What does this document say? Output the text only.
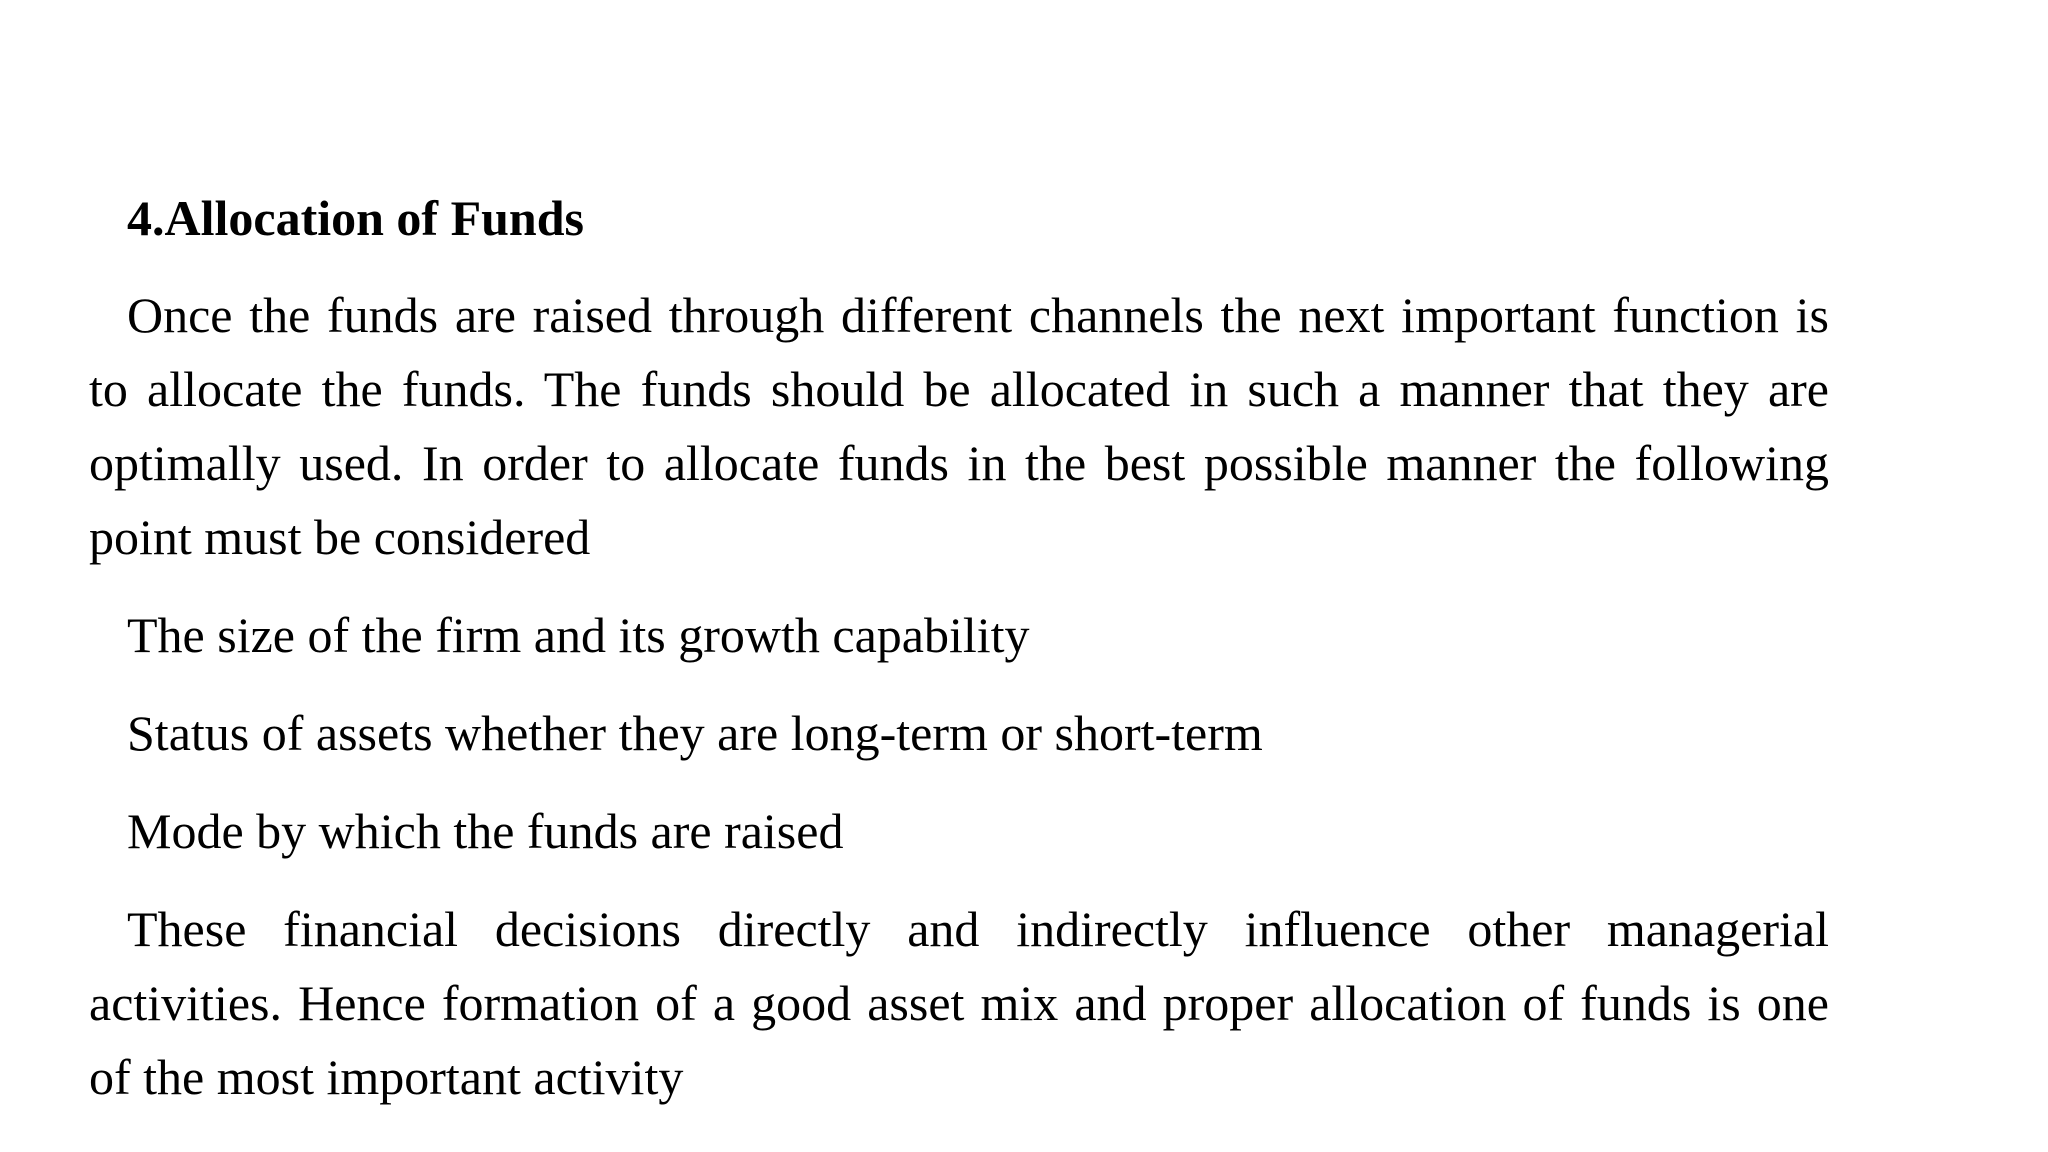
4.Allocation of Funds

Once the funds are raised through different channels the next important function is to allocate the funds. The funds should be allocated in such a manner that they are optimally used. In order to allocate funds in the best possible manner the following point must be considered

The size of the firm and its growth capability

Status of assets whether they are long-term or short-term

Mode by which the funds are raised

These financial decisions directly and indirectly influence other managerial activities. Hence formation of a good asset mix and proper allocation of funds is one of the most important activity
